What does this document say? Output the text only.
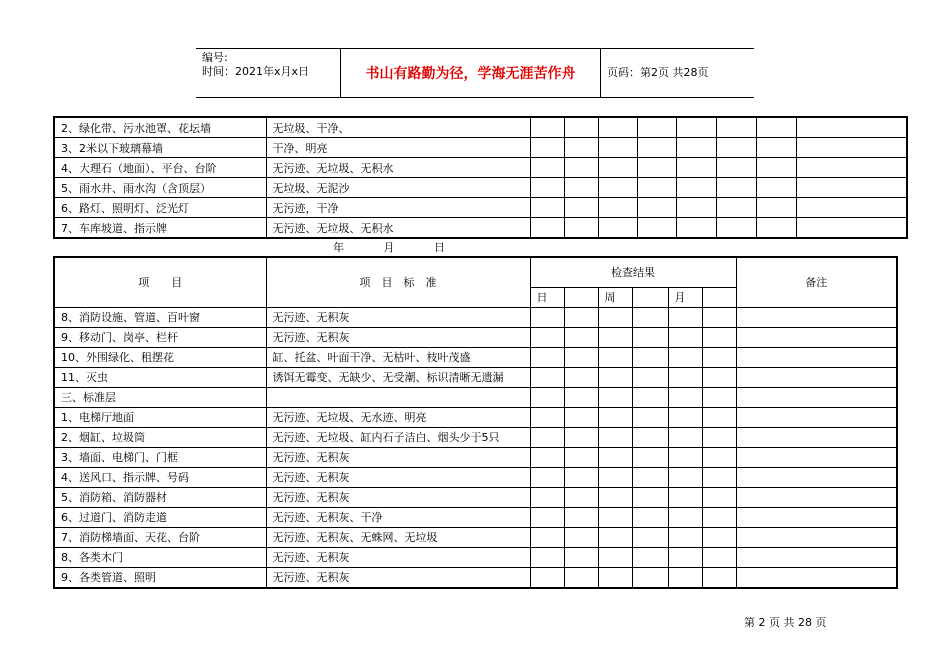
编号:
时间：2021年x月x日	书山有路勤为径，学海无涯苦作舟	页码：第2页 共28页
2、绿化带、污水池罩、花坛墙	无垃圾、干净、								
3、2米以下玻璃幕墙	干净、明亮								
4、大理石（地面）、平台、台阶	无污迹、无垃圾、无积水								
5、雨水井、雨水沟（含顶层）	无垃圾、无泥沙								
6、路灯、照明灯、泛光灯	无污迹，干净								
7、车库坡道、指示牌	无污迹、无垃圾、无积水								
年	月	日
项　　目	项　目　标　准	检查结果						备注
		日		周		月		
8、消防设施、管道、百叶窗	无污迹、无积灰							
9、移动门、岗亭、栏杆	无污迹、无积灰							
10、外围绿化、租摆花	缸、托盆、叶面干净、无枯叶、枝叶茂盛							
11、灭虫	诱饵无霉变、无缺少、无受潮、标识清晰无遗漏							
三、标准层								
1、电梯厅地面	无污迹、无垃圾、无水迹、明亮							
2、烟缸、垃圾筒	无污迹、无垃圾、缸内石子洁白、烟头少于5只							
3、墙面、电梯门、门框	无污迹、无积灰							
4、送风口、指示牌、号码	无污迹、无积灰							
5、消防箱、消防器材	无污迹、无积灰							
6、过道门、消防走道	无污迹、无积灰、干净							
7、消防梯墙面、天花、台阶	无污迹、无积灰、无蛛网、无垃圾							
8、各类木门	无污迹、无积灰							
9、各类管道、照明	无污迹、无积灰							
第 2 页 共 28 页
